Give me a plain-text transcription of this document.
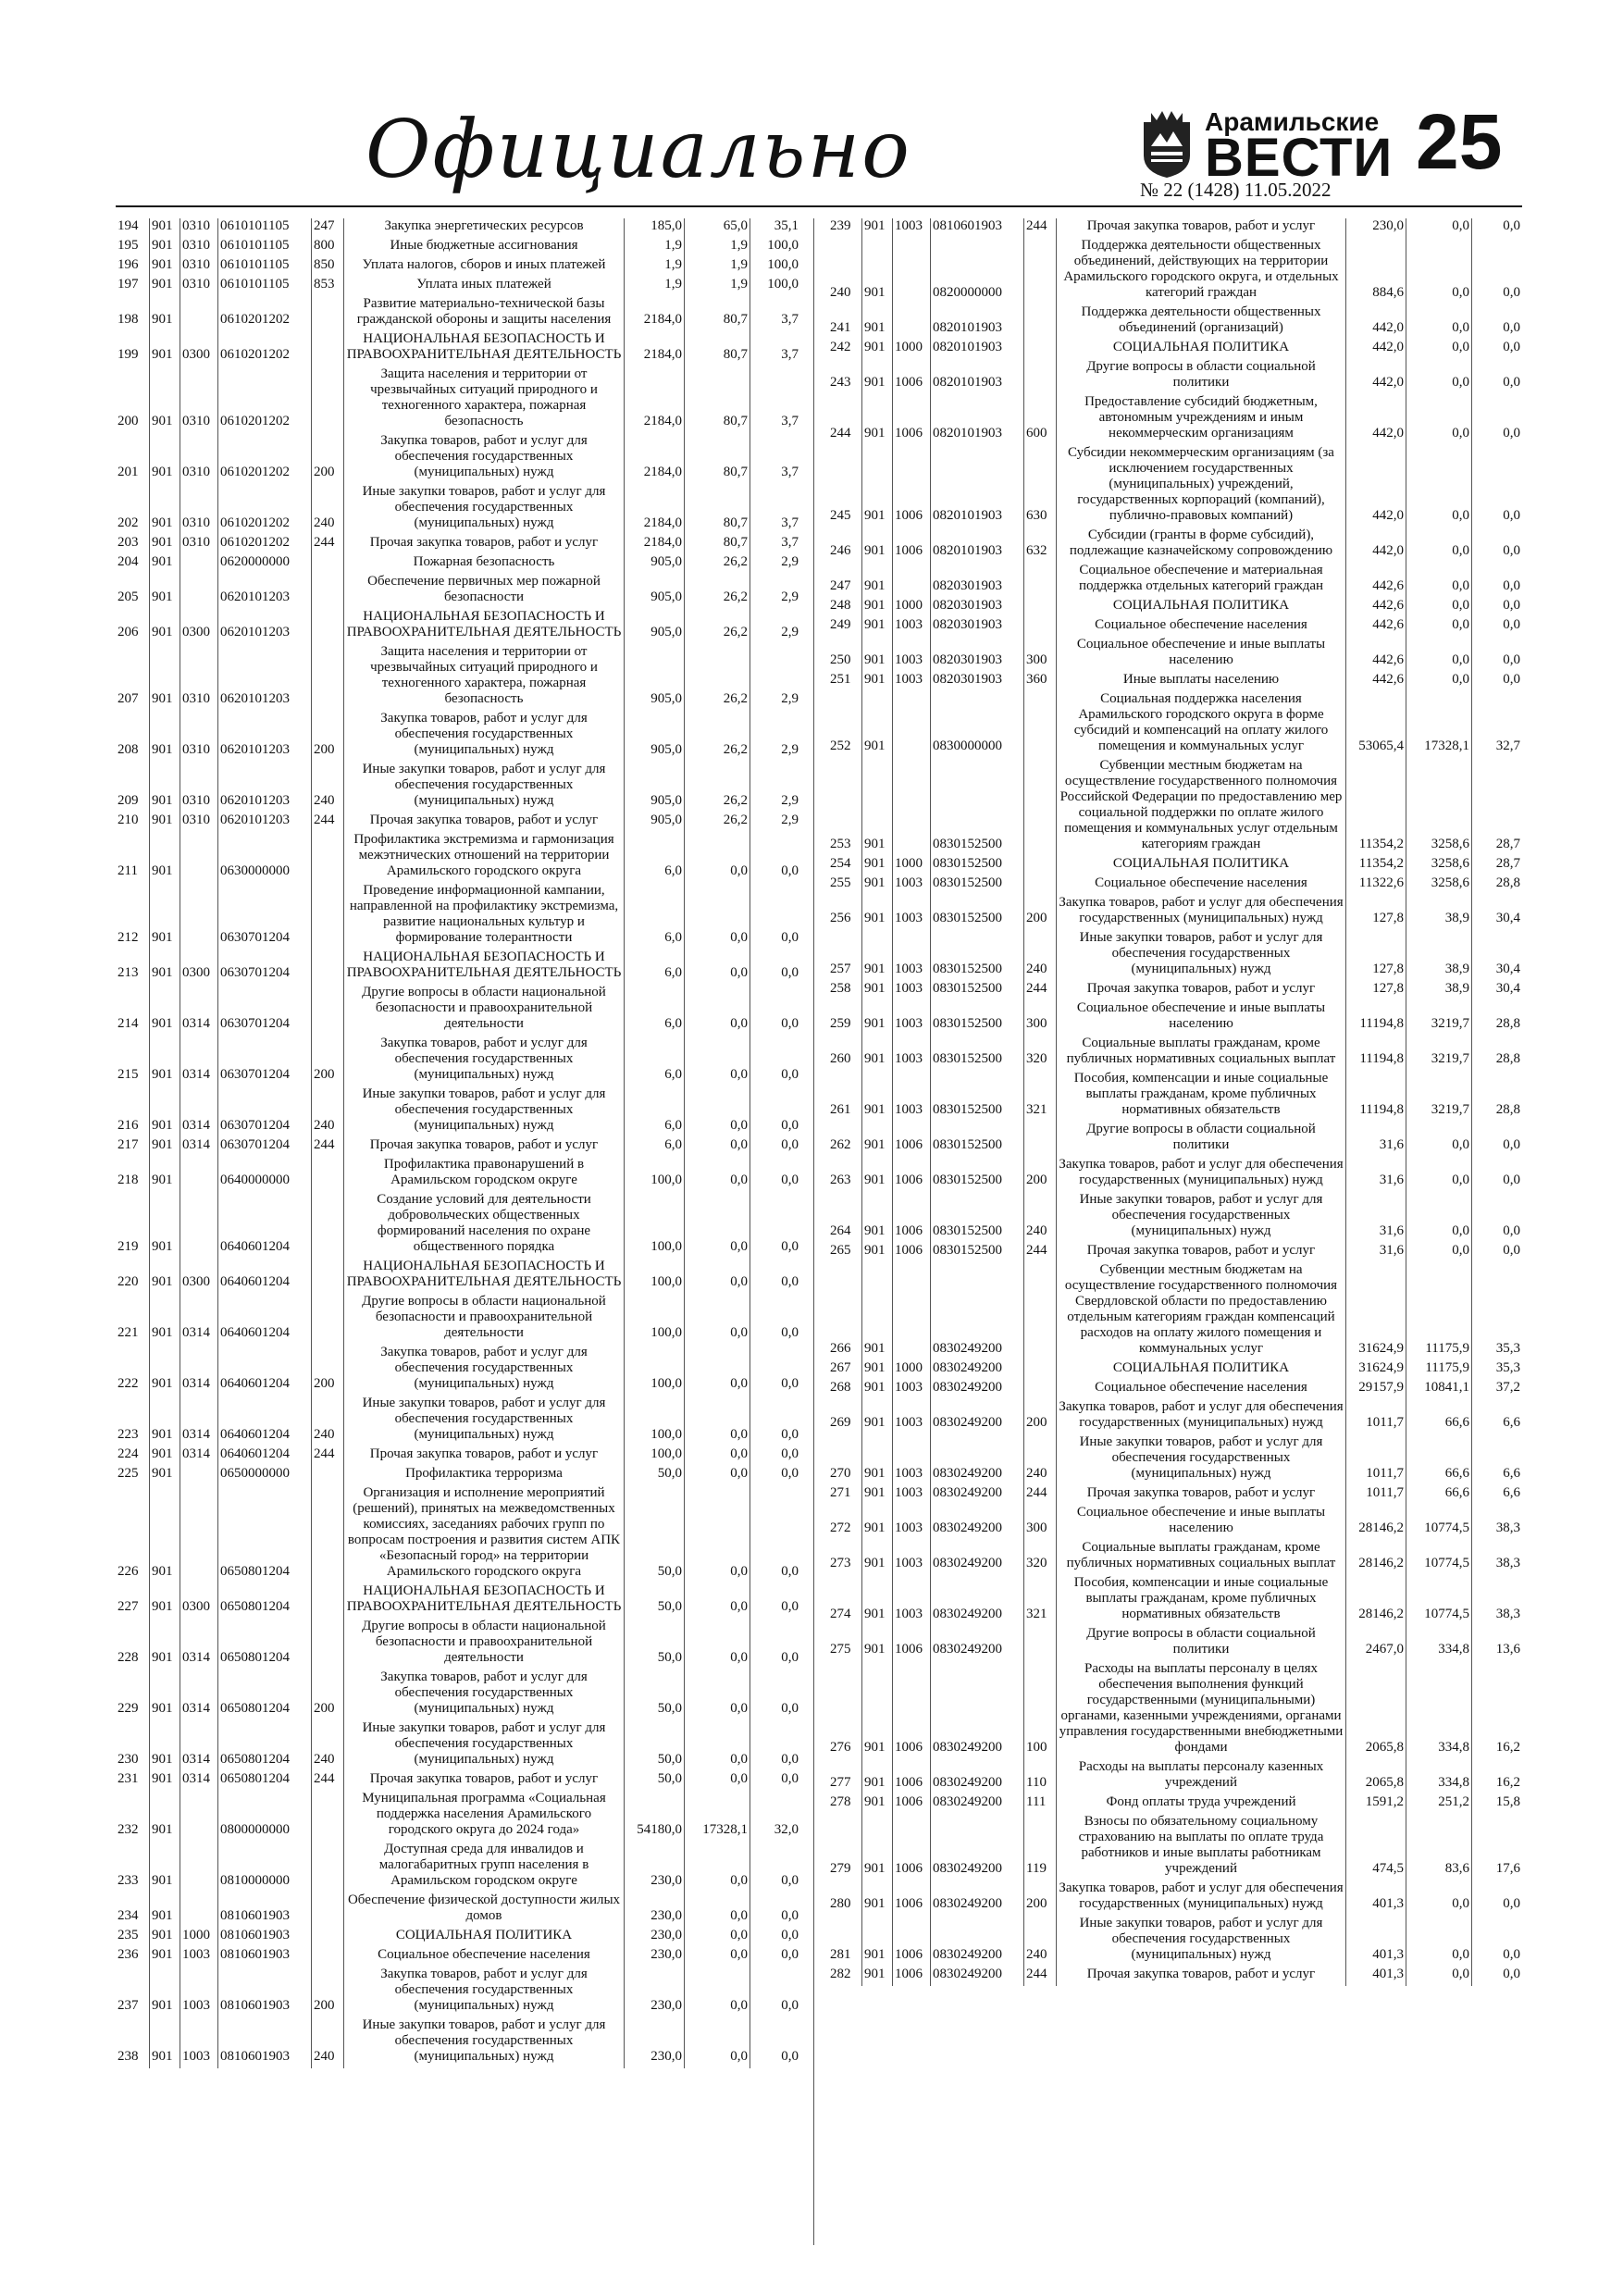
Официально	Арамильские
ВЕСТИ
№ 22 (1428) 11.05.2022
25
194	901	0310	0610101105	247	Закупка энергетических ресурсов	185,0	65,0	35,1
195	901	0310	0610101105	800	Иные бюджетные ассигнования	1,9	1,9	100,0
196	901	0310	0610101105	850	Уплата налогов, сборов и иных платежей	1,9	1,9	100,0
197	901	0310	0610101105	853	Уплата иных платежей	1,9	1,9	100,0
198	901		0610201202		Развитие материально-технической базы гражданской обороны и защиты населения	2184,0	80,7	3,7
199	901	0300	0610201202		НАЦИОНАЛЬНАЯ БЕЗОПАСНОСТЬ И ПРАВООХРАНИТЕЛЬНАЯ ДЕЯТЕЛЬНОСТЬ	2184,0	80,7	3,7
200	901	0310	0610201202		Защита населения и территории от чрезвычайных ситуаций природного и техногенного характера, пожарная безопасность	2184,0	80,7	3,7
201	901	0310	0610201202	200	Закупка товаров, работ и услуг для обеспечения государственных (муниципальных) нужд	2184,0	80,7	3,7
202	901	0310	0610201202	240	Иные закупки товаров, работ и услуг для обеспечения государственных (муниципальных) нужд	2184,0	80,7	3,7
203	901	0310	0610201202	244	Прочая закупка товаров, работ и услуг	2184,0	80,7	3,7
204	901		0620000000		Пожарная безопасность	905,0	26,2	2,9
205	901		0620101203		Обеспечение первичных мер пожарной безопасности	905,0	26,2	2,9
206	901	0300	0620101203		НАЦИОНАЛЬНАЯ БЕЗОПАСНОСТЬ И ПРАВООХРАНИТЕЛЬНАЯ ДЕЯТЕЛЬНОСТЬ	905,0	26,2	2,9
207	901	0310	0620101203		Защита населения и территории от чрезвычайных ситуаций природного и техногенного характера, пожарная безопасность	905,0	26,2	2,9
208	901	0310	0620101203	200	Закупка товаров, работ и услуг для обеспечения государственных (муниципальных) нужд	905,0	26,2	2,9
209	901	0310	0620101203	240	Иные закупки товаров, работ и услуг для обеспечения государственных (муниципальных) нужд	905,0	26,2	2,9
210	901	0310	0620101203	244	Прочая закупка товаров, работ и услуг	905,0	26,2	2,9
211	901		0630000000		Профилактика экстремизма и гармонизация межэтнических отношений на территории Арамильского городского округа	6,0	0,0	0,0
212	901		0630701204		Проведение информационной кампании, направленной на профилактику экстремизма, развитие национальных культур и формирование толерантности	6,0	0,0	0,0
213	901	0300	0630701204		НАЦИОНАЛЬНАЯ БЕЗОПАСНОСТЬ И ПРАВООХРАНИТЕЛЬНАЯ ДЕЯТЕЛЬНОСТЬ	6,0	0,0	0,0
214	901	0314	0630701204		Другие вопросы в области национальной безопасности и правоохранительной деятельности	6,0	0,0	0,0
215	901	0314	0630701204	200	Закупка товаров, работ и услуг для обеспечения государственных (муниципальных) нужд	6,0	0,0	0,0
216	901	0314	0630701204	240	Иные закупки товаров, работ и услуг для обеспечения государственных (муниципальных) нужд	6,0	0,0	0,0
217	901	0314	0630701204	244	Прочая закупка товаров, работ и услуг	6,0	0,0	0,0
218	901		0640000000		Профилактика правонарушений в Арамильском городском округе	100,0	0,0	0,0
219	901		0640601204		Создание условий для деятельности добровольческих общественных формирований населения по охране общественного порядка	100,0	0,0	0,0
220	901	0300	0640601204		НАЦИОНАЛЬНАЯ БЕЗОПАСНОСТЬ И ПРАВООХРАНИТЕЛЬНАЯ ДЕЯТЕЛЬНОСТЬ	100,0	0,0	0,0
221	901	0314	0640601204		Другие вопросы в области национальной безопасности и правоохранительной деятельности	100,0	0,0	0,0
222	901	0314	0640601204	200	Закупка товаров, работ и услуг для обеспечения государственных (муниципальных) нужд	100,0	0,0	0,0
223	901	0314	0640601204	240	Иные закупки товаров, работ и услуг для обеспечения государственных (муниципальных) нужд	100,0	0,0	0,0
224	901	0314	0640601204	244	Прочая закупка товаров, работ и услуг	100,0	0,0	0,0
225	901		0650000000		Профилактика терроризма	50,0	0,0	0,0
226	901		0650801204		Организация и исполнение мероприятий (решений), принятых на межведомственных комиссиях, заседаниях рабочих групп по вопросам построения и развития систем АПК «Безопасный город» на территории Арамильского городского округа	50,0	0,0	0,0
227	901	0300	0650801204		НАЦИОНАЛЬНАЯ БЕЗОПАСНОСТЬ И ПРАВООХРАНИТЕЛЬНАЯ ДЕЯТЕЛЬНОСТЬ	50,0	0,0	0,0
228	901	0314	0650801204		Другие вопросы в области национальной безопасности и правоохранительной деятельности	50,0	0,0	0,0
229	901	0314	0650801204	200	Закупка товаров, работ и услуг для обеспечения государственных (муниципальных) нужд	50,0	0,0	0,0
230	901	0314	0650801204	240	Иные закупки товаров, работ и услуг для обеспечения государственных (муниципальных) нужд	50,0	0,0	0,0
231	901	0314	0650801204	244	Прочая закупка товаров, работ и услуг	50,0	0,0	0,0
232	901		0800000000		Муниципальная программа «Социальная поддержка населения Арамильского городского округа до 2024 года»	54180,0	17328,1	32,0
233	901		0810000000		Доступная среда для инвалидов и малогабаритных групп населения в Арамильском городском округе	230,0	0,0	0,0
234	901		0810601903		Обеспечение физической доступности жилых домов	230,0	0,0	0,0
235	901	1000	0810601903		СОЦИАЛЬНАЯ ПОЛИТИКА	230,0	0,0	0,0
236	901	1003	0810601903		Социальное обеспечение населения	230,0	0,0	0,0
237	901	1003	0810601903	200	Закупка товаров, работ и услуг для обеспечения государственных (муниципальных) нужд	230,0	0,0	0,0
238	901	1003	0810601903	240	Иные закупки товаров, работ и услуг для обеспечения государственных (муниципальных) нужд	230,0	0,0	0,0
239	901	1003	0810601903	244	Прочая закупка товаров, работ и услуг	230,0	0,0	0,0
240	901		0820000000		Поддержка деятельности общественных объединений, действующих на территории Арамильского городского округа, и отдельных категорий граждан	884,6	0,0	0,0
241	901		0820101903		Поддержка деятельности общественных объединений (организаций)	442,0	0,0	0,0
242	901	1000	0820101903		СОЦИАЛЬНАЯ ПОЛИТИКА	442,0	0,0	0,0
243	901	1006	0820101903		Другие вопросы в области социальной политики	442,0	0,0	0,0
244	901	1006	0820101903	600	Предоставление субсидий бюджетным, автономным учреждениям и иным некоммерческим организациям	442,0	0,0	0,0
245	901	1006	0820101903	630	Субсидии некоммерческим организациям (за исключением государственных (муниципальных) учреждений, государственных корпораций (компаний), публично-правовых компаний)	442,0	0,0	0,0
246	901	1006	0820101903	632	Субсидии (гранты в форме субсидий), подлежащие казначейскому сопровождению	442,0	0,0	0,0
247	901		0820301903		Социальное обеспечение и материальная поддержка отдельных категорий граждан	442,6	0,0	0,0
248	901	1000	0820301903		СОЦИАЛЬНАЯ ПОЛИТИКА	442,6	0,0	0,0
249	901	1003	0820301903		Социальное обеспечение населения	442,6	0,0	0,0
250	901	1003	0820301903	300	Социальное обеспечение и иные выплаты населению	442,6	0,0	0,0
251	901	1003	0820301903	360	Иные выплаты населению	442,6	0,0	0,0
252	901		0830000000		Социальная поддержка населения Арамильского городского округа в форме субсидий и компенсаций на оплату жилого помещения и коммунальных услуг	53065,4	17328,1	32,7
253	901		0830152500		Субвенции местным бюджетам на осуществление государственного полномочия Российской Федерации по предоставлению мер социальной поддержки по оплате жилого помещения и коммунальных услуг отдельным категориям граждан	11354,2	3258,6	28,7
254	901	1000	0830152500		СОЦИАЛЬНАЯ ПОЛИТИКА	11354,2	3258,6	28,7
255	901	1003	0830152500		Социальное обеспечение населения	11322,6	3258,6	28,8
256	901	1003	0830152500	200	Закупка товаров, работ и услуг для обеспечения государственных (муниципальных) нужд	127,8	38,9	30,4
257	901	1003	0830152500	240	Иные закупки товаров, работ и услуг для обеспечения государственных (муниципальных) нужд	127,8	38,9	30,4
258	901	1003	0830152500	244	Прочая закупка товаров, работ и услуг	127,8	38,9	30,4
259	901	1003	0830152500	300	Социальное обеспечение и иные выплаты населению	11194,8	3219,7	28,8
260	901	1003	0830152500	320	Социальные выплаты гражданам, кроме публичных нормативных социальных выплат	11194,8	3219,7	28,8
261	901	1003	0830152500	321	Пособия, компенсации и иные социальные выплаты гражданам, кроме публичных нормативных обязательств	11194,8	3219,7	28,8
262	901	1006	0830152500		Другие вопросы в области социальной политики	31,6	0,0	0,0
263	901	1006	0830152500	200	Закупка товаров, работ и услуг для обеспечения государственных (муниципальных) нужд	31,6	0,0	0,0
264	901	1006	0830152500	240	Иные закупки товаров, работ и услуг для обеспечения государственных (муниципальных) нужд	31,6	0,0	0,0
265	901	1006	0830152500	244	Прочая закупка товаров, работ и услуг	31,6	0,0	0,0
266	901		0830249200		Субвенции местным бюджетам на осуществление государственного полномочия Свердловской области по предоставлению отдельным категориям граждан компенсаций расходов на оплату жилого помещения и коммунальных услуг	31624,9	11175,9	35,3
267	901	1000	0830249200		СОЦИАЛЬНАЯ ПОЛИТИКА	31624,9	11175,9	35,3
268	901	1003	0830249200		Социальное обеспечение населения	29157,9	10841,1	37,2
269	901	1003	0830249200	200	Закупка товаров, работ и услуг для обеспечения государственных (муниципальных) нужд	1011,7	66,6	6,6
270	901	1003	0830249200	240	Иные закупки товаров, работ и услуг для обеспечения государственных (муниципальных) нужд	1011,7	66,6	6,6
271	901	1003	0830249200	244	Прочая закупка товаров, работ и услуг	1011,7	66,6	6,6
272	901	1003	0830249200	300	Социальное обеспечение и иные выплаты населению	28146,2	10774,5	38,3
273	901	1003	0830249200	320	Социальные выплаты гражданам, кроме публичных нормативных социальных выплат	28146,2	10774,5	38,3
274	901	1003	0830249200	321	Пособия, компенсации и иные социальные выплаты гражданам, кроме публичных нормативных обязательств	28146,2	10774,5	38,3
275	901	1006	0830249200		Другие вопросы в области социальной политики	2467,0	334,8	13,6
276	901	1006	0830249200	100	Расходы на выплаты персоналу в целях обеспечения выполнения функций государственными (муниципальными) органами, казенными учреждениями, органами управления государственными внебюджетными фондами	2065,8	334,8	16,2
277	901	1006	0830249200	110	Расходы на выплаты персоналу казенных учреждений	2065,8	334,8	16,2
278	901	1006	0830249200	111	Фонд оплаты труда учреждений	1591,2	251,2	15,8
279	901	1006	0830249200	119	Взносы по обязательному социальному страхованию на выплаты по оплате труда работников и иные выплаты работникам учреждений	474,5	83,6	17,6
280	901	1006	0830249200	200	Закупка товаров, работ и услуг для обеспечения государственных (муниципальных) нужд	401,3	0,0	0,0
281	901	1006	0830249200	240	Иные закупки товаров, работ и услуг для обеспечения государственных (муниципальных) нужд	401,3	0,0	0,0
282	901	1006	0830249200	244	Прочая закупка товаров, работ и услуг	401,3	0,0	0,0
